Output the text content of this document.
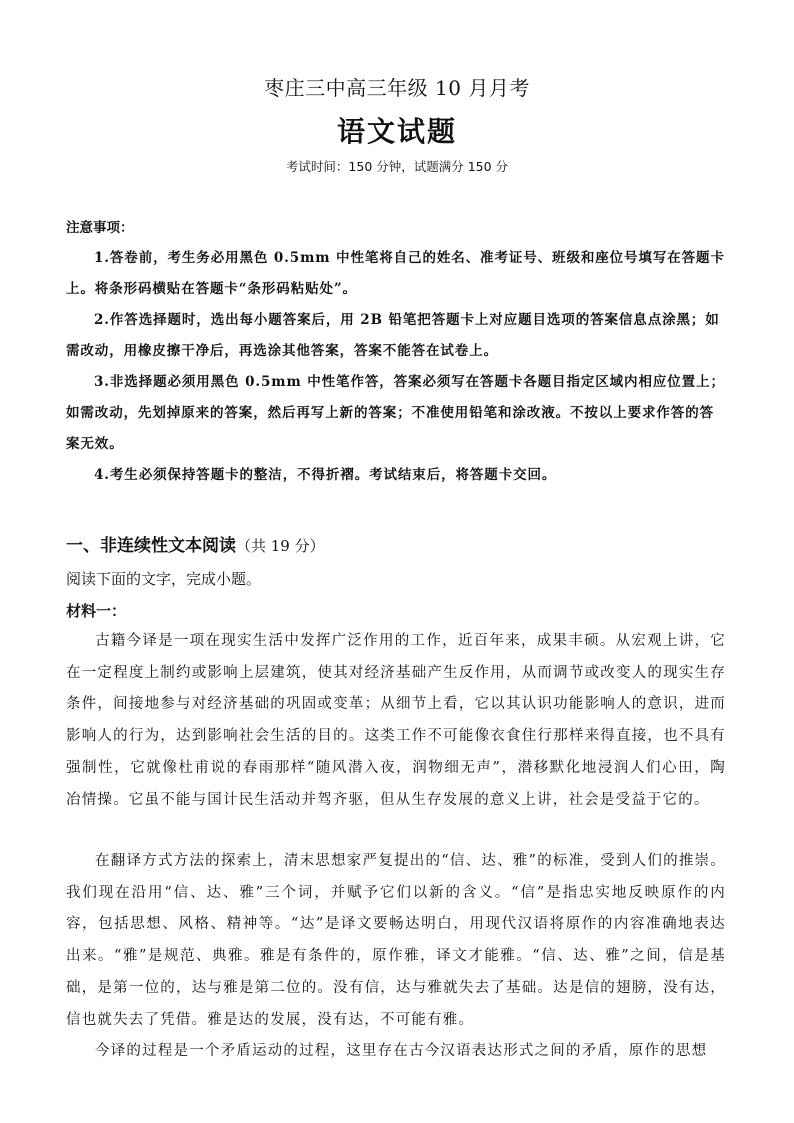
枣庄三中高三年级 10 月月考
语文试题
考试时间：150 分钟，试题满分 150 分
注意事项：

1.答卷前，考生务必用黑色 0.5mm 中性笔将自己的姓名、准考证号、班级和座位号填写在答题卡上。将条形码横贴在答题卡“条形码粘贴处”。

2.作答选择题时，选出每小题答案后，用 2B 铅笔把答题卡上对应题目选项的答案信息点涂黑；如需改动，用橡皮擦干净后，再选涂其他答案，答案不能答在试卷上。

3.非选择题必须用黑色 0.5mm 中性笔作答，答案必须写在答题卡各题目指定区域内相应位置上；如需改动，先划掉原来的答案，然后再写上新的答案；不准使用铅笔和涂改液。不按以上要求作答的答案无效。

4.考生必须保持答题卡的整洁，不得折褶。考试结束后，将答题卡交回。

一、非连续性文本阅读（共 19 分）
阅读下面的文字，完成小题。
材料一：

古籍今译是一项在现实生活中发挥广泛作用的工作，近百年来，成果丰硕。从宏观上讲，它在一定程度上制约或影响上层建筑，使其对经济基础产生反作用，从而调节或改变人的现实生存条件，间接地参与对经济基础的巩固或变革；从细节上看，它以其认识功能影响人的意识，进而影响人的行为，达到影响社会生活的目的。这类工作不可能像衣食住行那样来得直接，也不具有强制性，它就像杜甫说的春雨那样“随风潜入夜，润物细无声”，潜移默化地浸润人们心田，陶冶情操。它虽不能与国计民生活动并驾齐驱，但从生存发展的意义上讲，社会是受益于它的。

在翻译方式方法的探索上，清末思想家严复提出的“信、达、雅”的标准，受到人们的推崇。我们现在沿用“信、达、雅”三个词，并赋予它们以新的含义。“信”是指忠实地反映原作的内容，包括思想、风格、精神等。“达”是译文要畅达明白，用现代汉语将原作的内容准确地表达出来。“雅”是规范、典雅。雅是有条件的，原作雅，译文才能雅。“信、达、雅”之间，信是基础，是第一位的，达与雅是第二位的。没有信，达与雅就失去了基础。达是信的翅膀，没有达，信也就失去了凭借。雅是达的发展，没有达，不可能有雅。

今译的过程是一个矛盾运动的过程，这里存在古今汉语表达形式之间的矛盾，原作的思想
